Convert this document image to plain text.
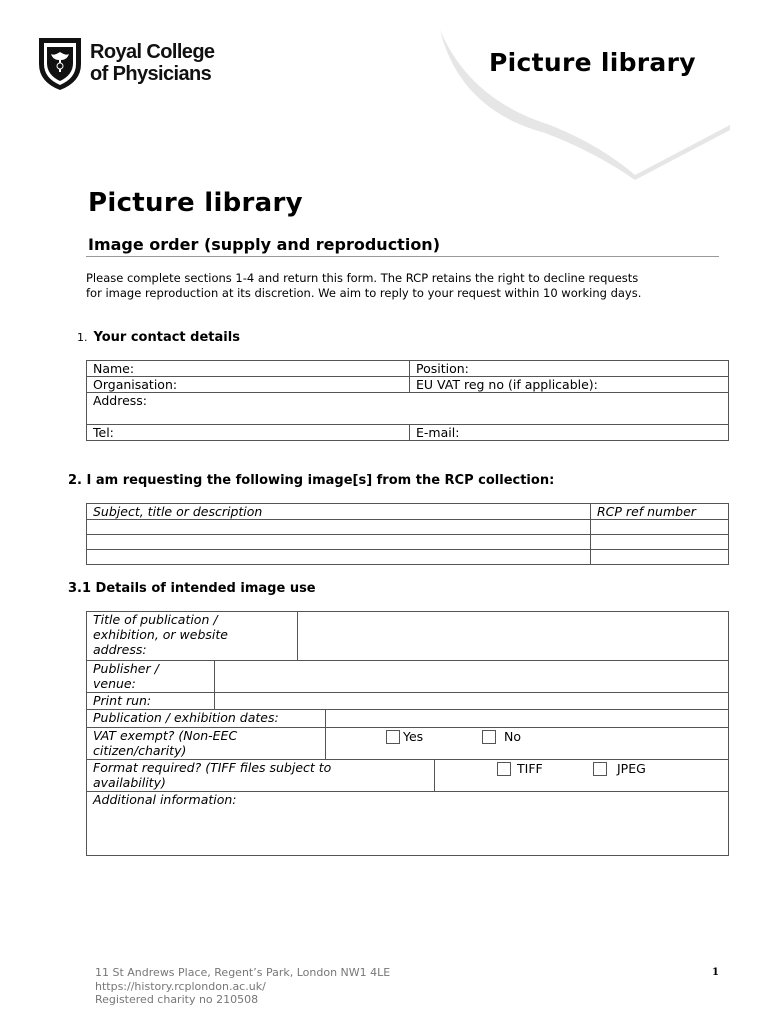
Royal College
of Physicians	Picture library
Picture library
Image order (supply and reproduction)
Please complete sections 1-4 and return this form. The RCP retains the right to decline requests
for image reproduction at its discretion. We aim to reply to your request within 10 working days.
1. Your contact details
Name:	Position:
Organisation:	EU VAT reg no (if applicable):
Address:	
Tel:	E-mail:
2. I am requesting the following image[s] from the RCP collection:
Subject, title or description	RCP ref number

3.1 Details of intended image use
Title of publication /
exhibition, or website
address:

Publisher /
venue:

Print run:

Publication / exhibition dates:

VAT exempt? (Non-EEC
citizen/charity)
Yes	No

Format required? (TIFF files subject to
availability)
TIFF	JPEG

Additional information:
11 St Andrews Place, Regent’s Park, London NW1 4LE
https://history.rcplondon.ac.uk/
Registered charity no 210508
1
